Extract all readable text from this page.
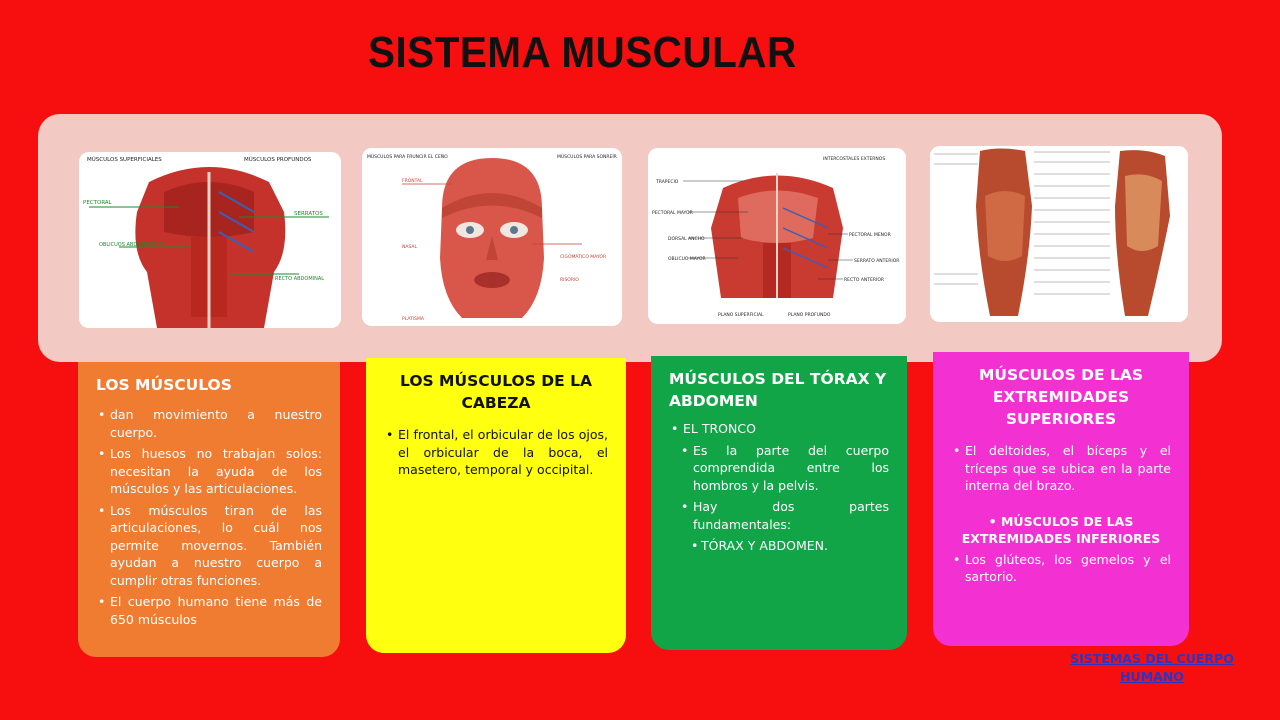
SISTEMA MUSCULAR
MÚSCULOS SUPERFICIALES	MÚSCULOS PROFUNDOS
PECTORAL
OBLICUOS ABDOMINALES
SERRATOS
RECTO ABDOMINAL
MÚSCULOS PARA FRUNCIR EL CEÑO	MÚSCULOS PARA SONREÍR
FRONTAL
NASAL
CIGOMÁTICO MAYOR
RISORIO
PLATISMA
INTERCOSTALES EXTERNOS
TRAPECIO
PECTORAL MAYOR
DORSAL ANCHO
OBLICUO MAYOR
PECTORAL MENOR
SERRATO ANTERIOR
RECTO ANTERIOR
PLANO SUPERFICIAL	PLANO PROFUNDO
LOS MÚSCULOS
• dan movimiento a nuestro cuerpo.
• Los huesos no trabajan solos: necesitan la ayuda de los músculos y las articulaciones.
• Los músculos tiran de las articulaciones, lo cuál nos permite movernos. También ayudan a nuestro cuerpo a cumplir otras funciones.
• El cuerpo humano tiene más de 650 músculos
LOS MÚSCULOS DE LA CABEZA
• El frontal, el orbicular de los ojos, el orbicular de la boca, el masetero, temporal y occipital.
MÚSCULOS DEL TÓRAX Y ABDOMEN
• EL TRONCO
• Es la parte del cuerpo comprendida entre los hombros y la pelvis.
• Hay dos partes fundamentales:
• TÓRAX Y ABDOMEN.
MÚSCULOS DE LAS EXTREMIDADES SUPERIORES
• El deltoides, el bíceps y el tríceps que se ubica en la parte interna del brazo.
• MÚSCULOS DE LAS EXTREMIDADES INFERIORES
• Los glúteos, los gemelos y el sartorio.
SISTEMAS DEL CUERPO HUMANO
